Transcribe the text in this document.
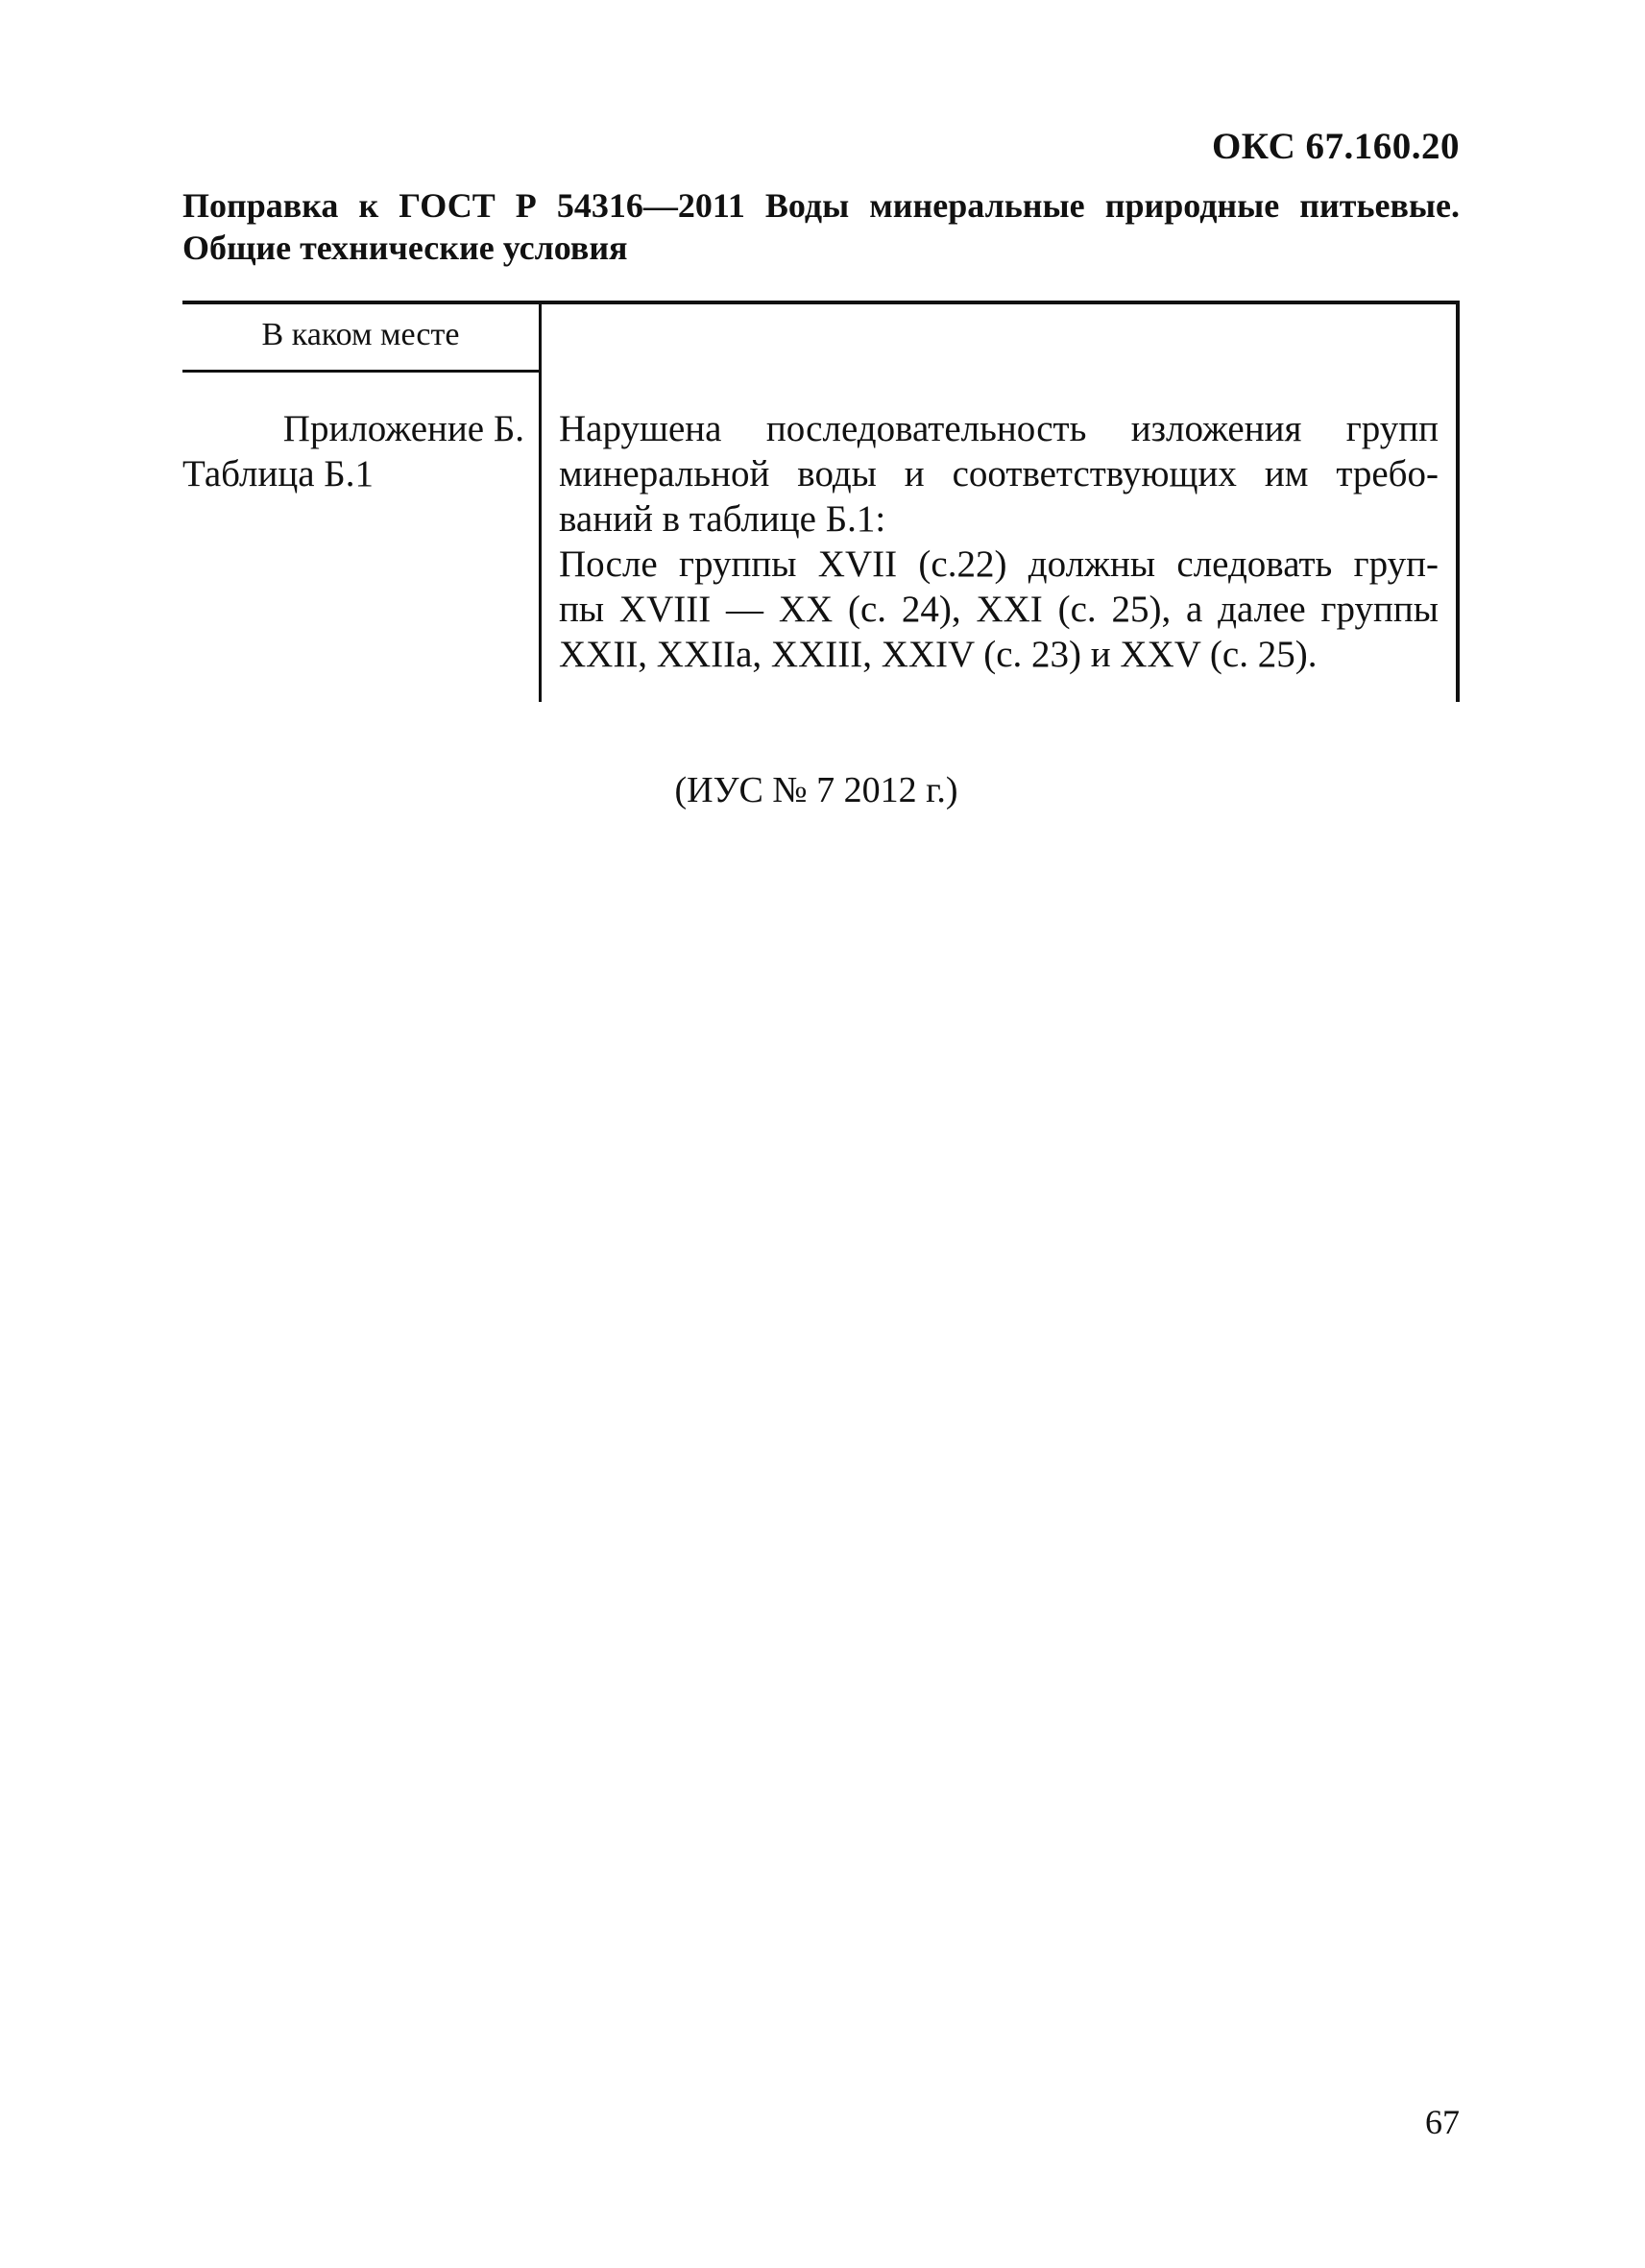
ОКС 67.160.20
Поправка к ГОСТ Р 54316—2011 Воды минеральные природные питьевые. Общие технические условия
В каком месте
Приложение Б.
Таблица Б.1
Нарушена последовательность изложения групп
минеральной воды и соответствующих им требо-
ваний в таблице Б.1:
После группы XVII (с.22) должны следовать груп-
пы XVIII — XX (с. 24), XXI (с. 25), а далее группы
XXII, XXIIа, XXIII, XXIV (с. 23) и XXV (с. 25).
(ИУС № 7 2012 г.)
67
